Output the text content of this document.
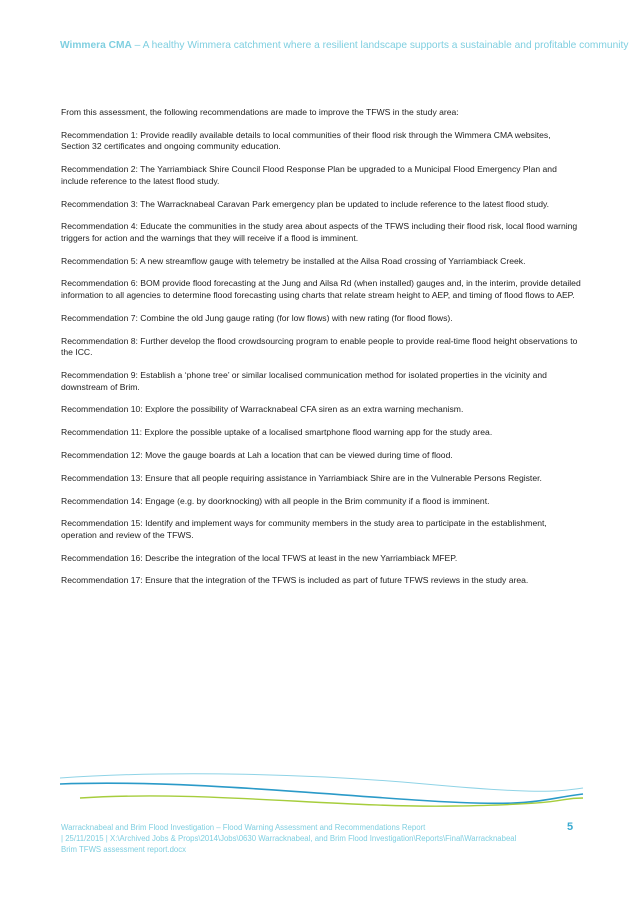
Wimmera CMA – A healthy Wimmera catchment where a resilient landscape supports a sustainable and profitable community

From this assessment, the following recommendations are made to improve the TFWS in the study area:

Recommendation 1: Provide readily available details to local communities of their flood risk through the Wimmera CMA websites, Section 32 certificates and ongoing community education.

Recommendation 2: The Yarriambiack Shire Council Flood Response Plan be upgraded to a Municipal Flood Emergency Plan and include reference to the latest flood study.

Recommendation 3: The Warracknabeal Caravan Park emergency plan be updated to include reference to the latest flood study.

Recommendation 4: Educate the communities in the study area about aspects of the TFWS including their flood risk, local flood warning triggers for action and the warnings that they will receive if a flood is imminent.

Recommendation 5: A new streamflow gauge with telemetry be installed at the Ailsa Road crossing of Yarriambiack Creek.

Recommendation 6: BOM provide flood forecasting at the Jung and Ailsa Rd (when installed) gauges and, in the interim, provide detailed information to all agencies to determine flood forecasting using charts that relate stream height to AEP, and timing of flood flows to AEP.

Recommendation 7: Combine the old Jung gauge rating (for low flows) with new rating (for flood flows).

Recommendation 8: Further develop the flood crowdsourcing program to enable people to provide real-time flood height observations to the ICC.

Recommendation 9: Establish a ‘phone tree’ or similar localised communication method for isolated properties in the vicinity and downstream of Brim.

Recommendation 10: Explore the possibility of Warracknabeal CFA siren as an extra warning mechanism.

Recommendation 11: Explore the possible uptake of a localised smartphone flood warning app for the study area.

Recommendation 12: Move the gauge boards at Lah a location that can be viewed during time of flood.

Recommendation 13: Ensure that all people requiring assistance in Yarriambiack Shire are in the Vulnerable Persons Register.

Recommendation 14: Engage (e.g. by doorknocking) with all people in the Brim community if a flood is imminent.

Recommendation 15: Identify and implement ways for community members in the study area to participate in the establishment, operation and review of the TFWS.

Recommendation 16: Describe the integration of the local TFWS at least in the new Yarriambiack MFEP.

Recommendation 17: Ensure that the integration of the TFWS is included as part of future TFWS reviews in the study area.

Warracknabeal and Brim Flood Investigation – Flood Warning Assessment and Recommendations Report
| 25/11/2015 | X:\Archived Jobs & Props\2014\Jobs\0630 Warracknabeal, and Brim Flood Investigation\Reports\Final\Warracknabeal Brim TFWS assessment report.docx
5
